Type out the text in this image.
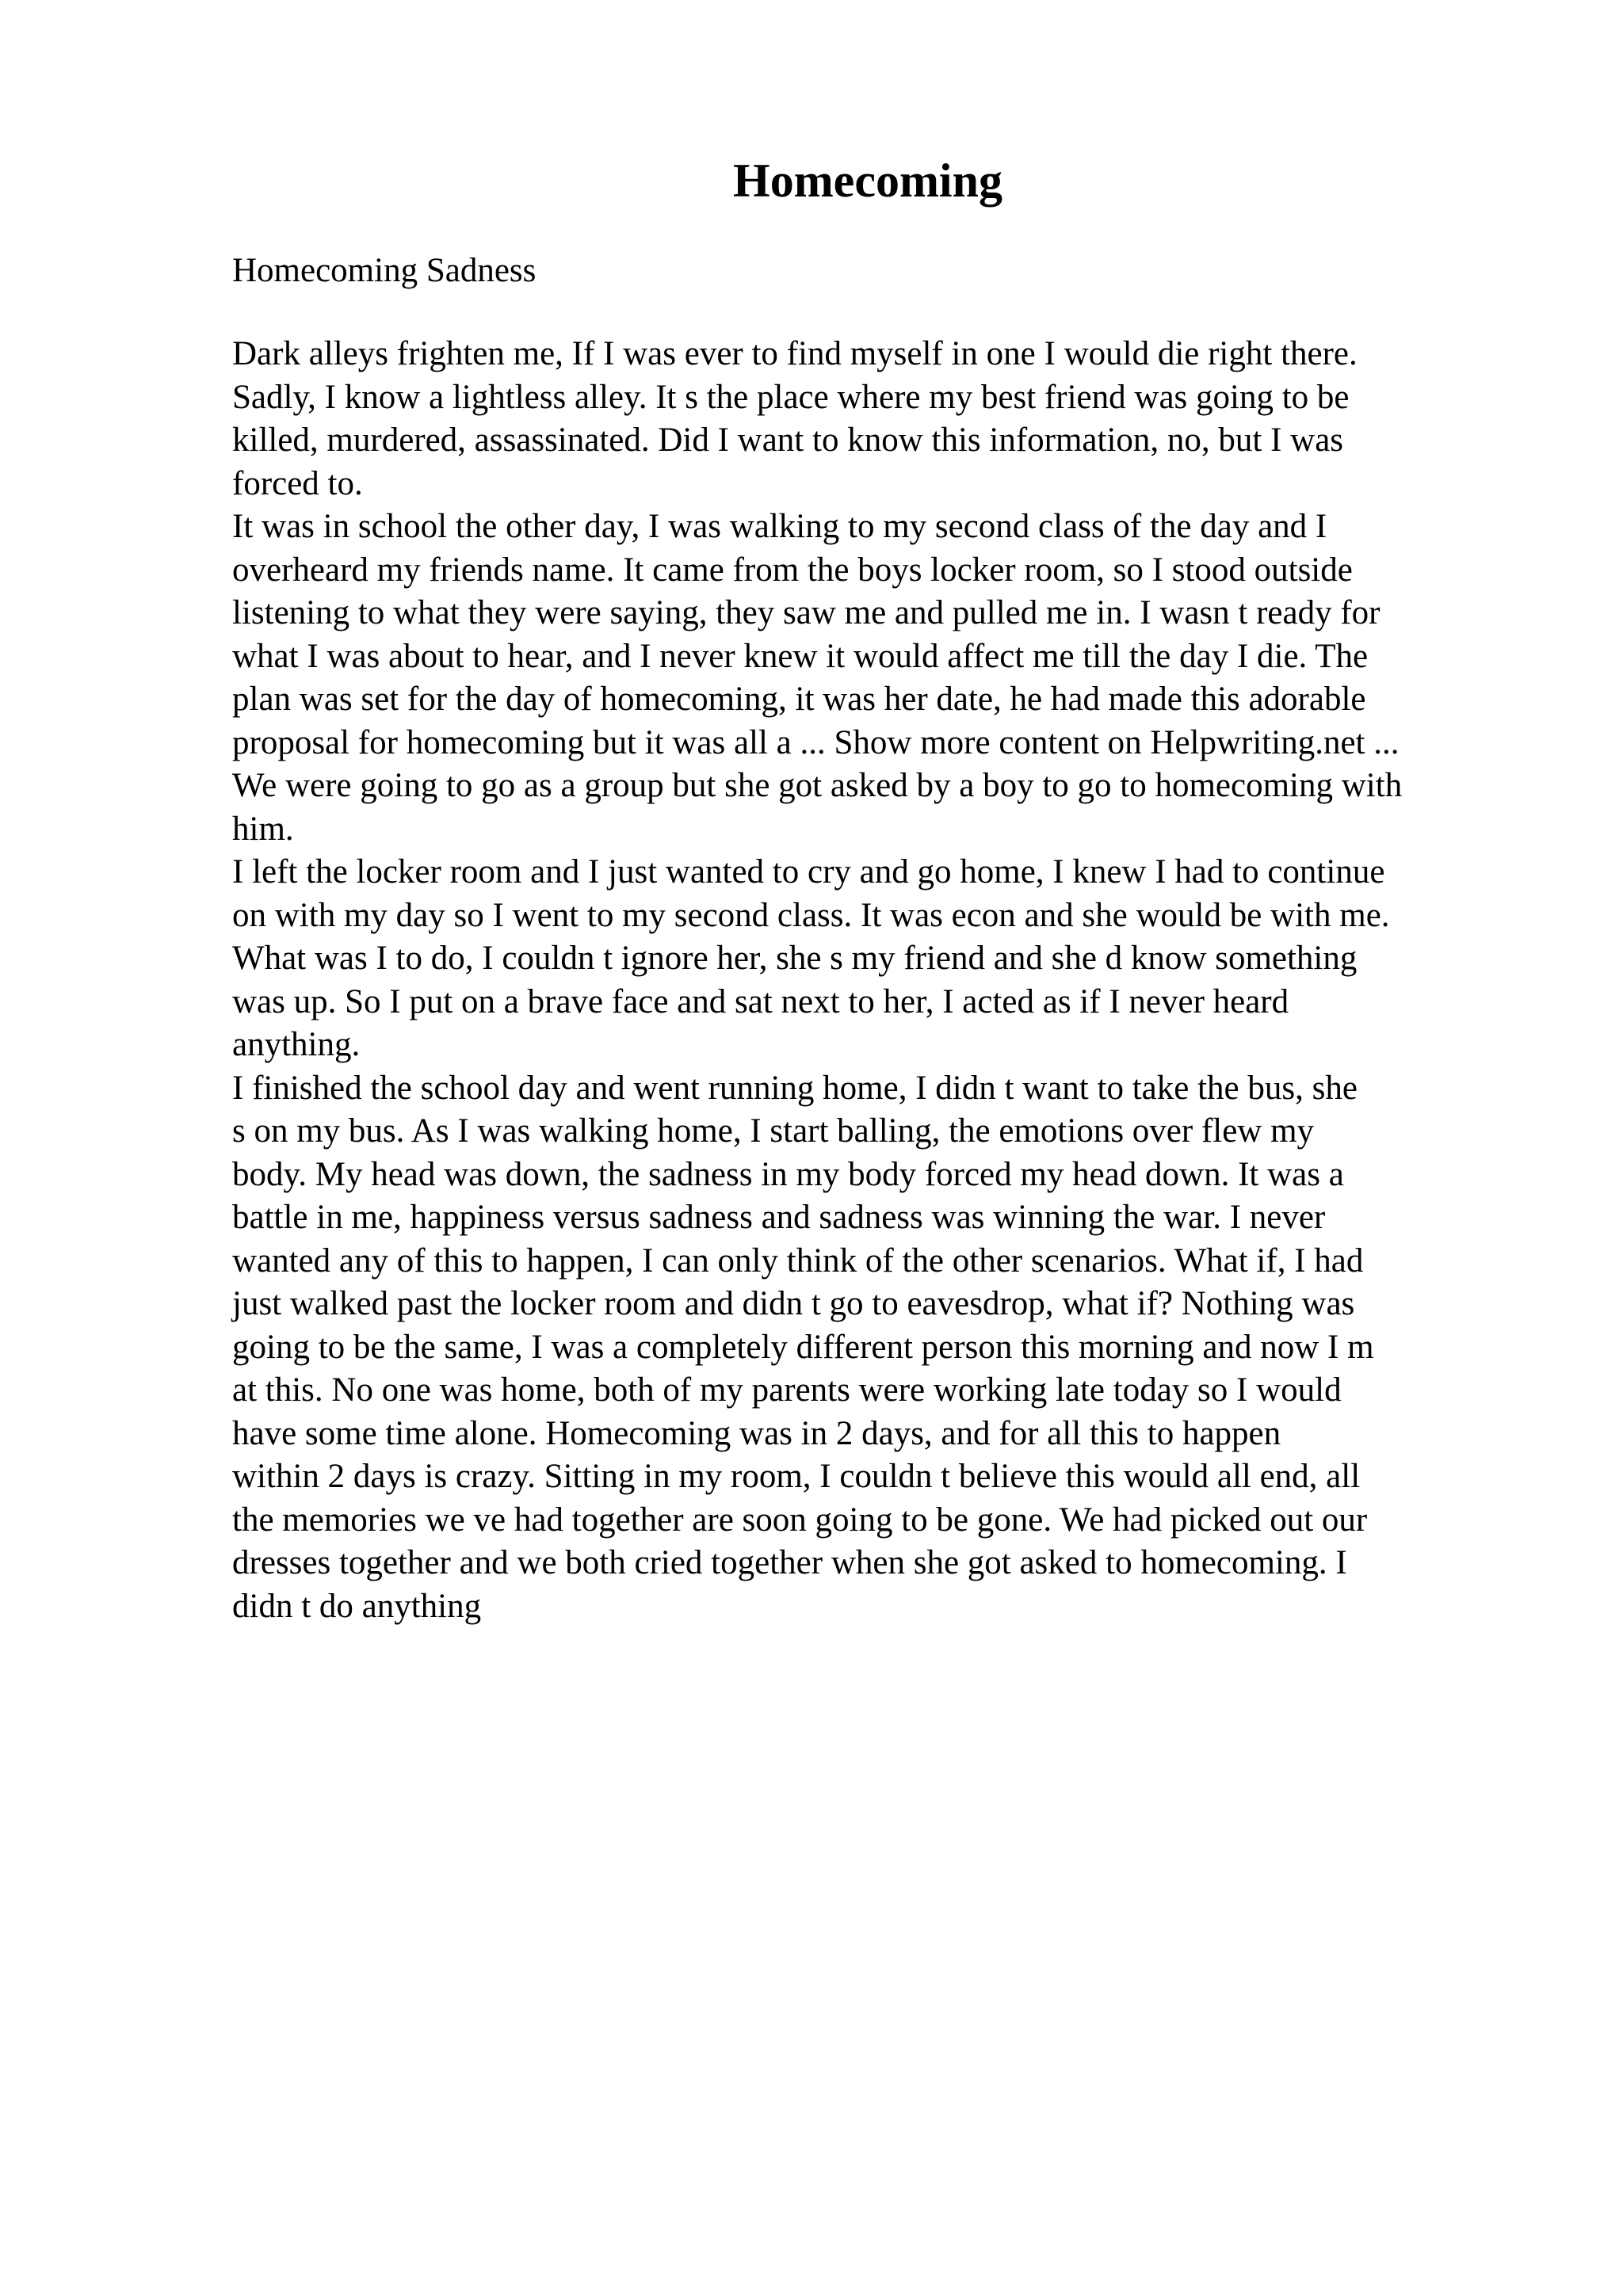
Homecoming

Homecoming Sadness

Dark alleys frighten me, If I was ever to find myself in one I would die right there.
Sadly, I know a lightless alley. It s the place where my best friend was going to be
killed, murdered, assassinated. Did I want to know this information, no, but I was
forced to.
It was in school the other day, I was walking to my second class of the day and I
overheard my friends name. It came from the boys locker room, so I stood outside
listening to what they were saying, they saw me and pulled me in. I wasn t ready for
what I was about to hear, and I never knew it would affect me till the day I die. The
plan was set for the day of homecoming, it was her date, he had made this adorable
proposal for homecoming but it was all a ... Show more content on Helpwriting.net ...
We were going to go as a group but she got asked by a boy to go to homecoming with
him.
I left the locker room and I just wanted to cry and go home, I knew I had to continue
on with my day so I went to my second class. It was econ and she would be with me.
What was I to do, I couldn t ignore her, she s my friend and she d know something
was up. So I put on a brave face and sat next to her, I acted as if I never heard
anything.
I finished the school day and went running home, I didn t want to take the bus, she
s on my bus. As I was walking home, I start balling, the emotions over flew my
body. My head was down, the sadness in my body forced my head down. It was a
battle in me, happiness versus sadness and sadness was winning the war. I never
wanted any of this to happen, I can only think of the other scenarios. What if, I had
just walked past the locker room and didn t go to eavesdrop, what if? Nothing was
going to be the same, I was a completely different person this morning and now I m
at this. No one was home, both of my parents were working late today so I would
have some time alone. Homecoming was in 2 days, and for all this to happen
within 2 days is crazy. Sitting in my room, I couldn t believe this would all end, all
the memories we ve had together are soon going to be gone. We had picked out our
dresses together and we both cried together when she got asked to homecoming. I
didn t do anything
